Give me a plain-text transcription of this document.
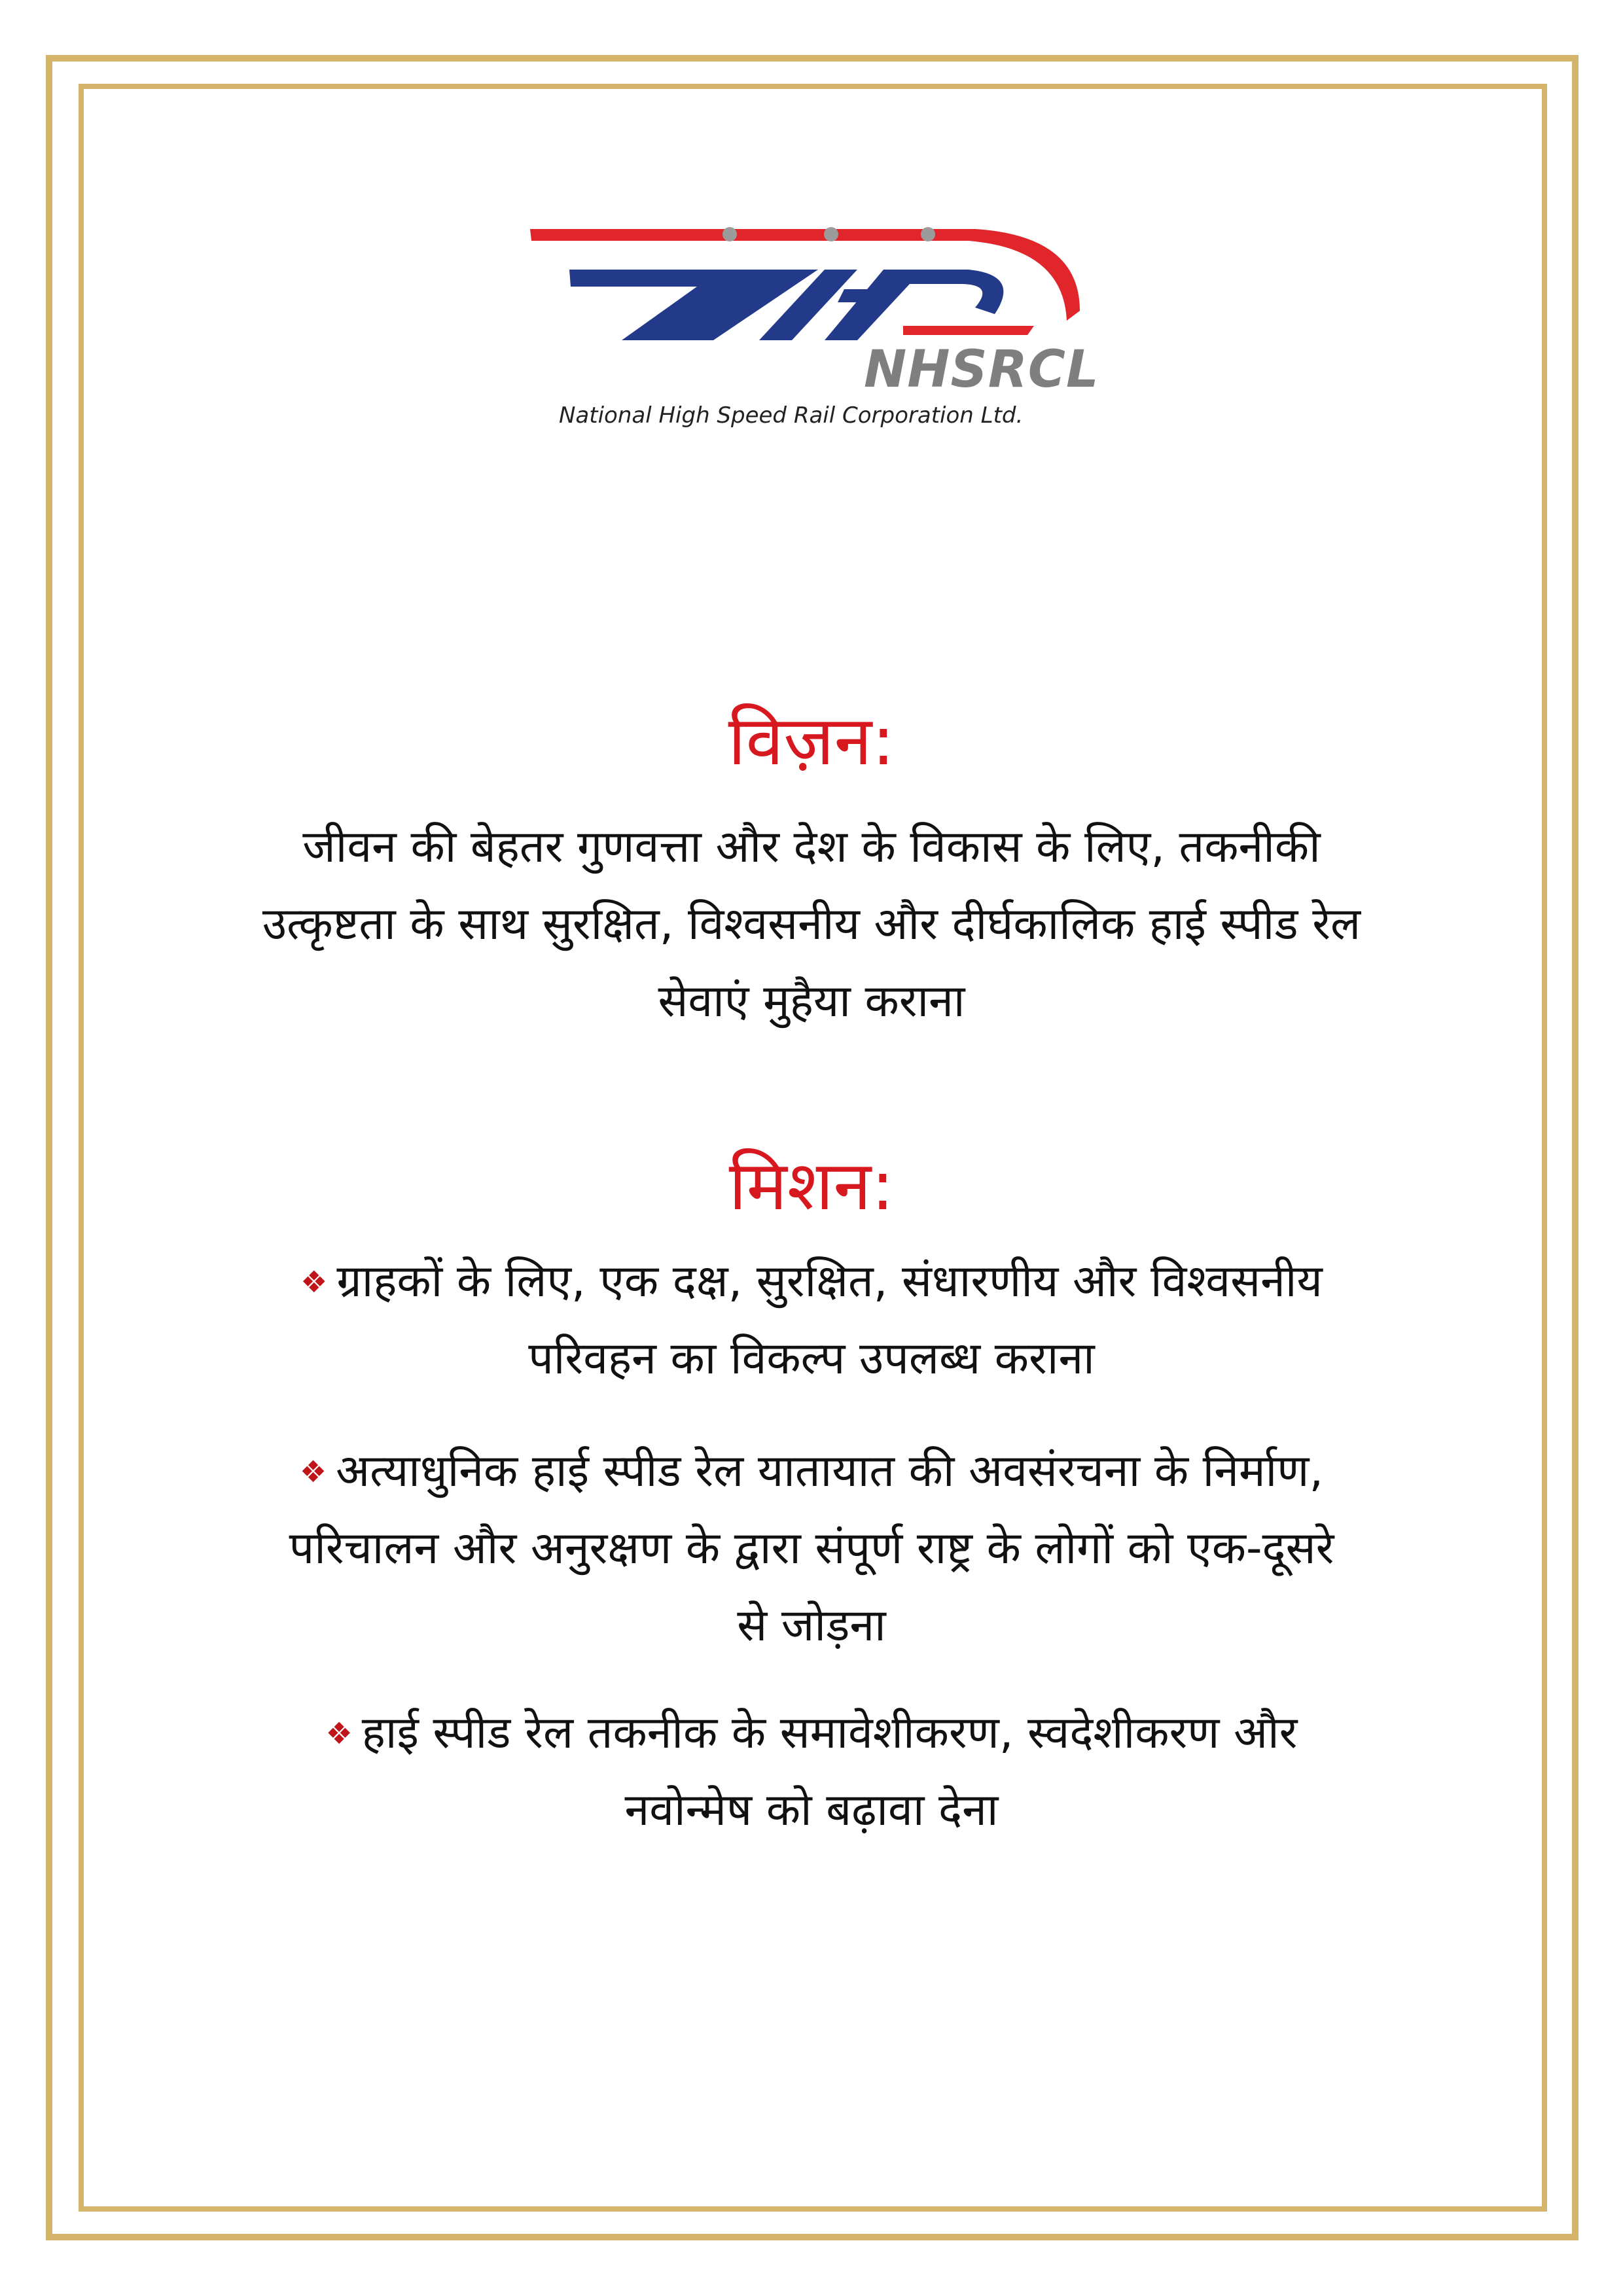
NHSRCL
National High Speed Rail Corporation Ltd.
विज़न:
जीवन की बेहतर गुणवत्ता और देश के विकास के लिए, तकनीकी
उत्कृष्टता के साथ सुरक्षित, विश्वसनीय और दीर्घकालिक हाई स्पीड रेल
सेवाएं मुहैया कराना
मिशन:
❖ ग्राहकों के लिए, एक दक्ष, सुरक्षित, संधारणीय और विश्वसनीय
परिवहन का विकल्प उपलब्ध कराना
❖ अत्याधुनिक हाई स्पीड रेल यातायात की अवसंरचना के निर्माण,
परिचालन और अनुरक्षण के द्वारा संपूर्ण राष्ट्र के लोगों को एक-दूसरे
से जोड़ना
❖ हाई स्पीड रेल तकनीक के समावेशीकरण, स्वदेशीकरण और
नवोन्मेष को बढ़ावा देना
